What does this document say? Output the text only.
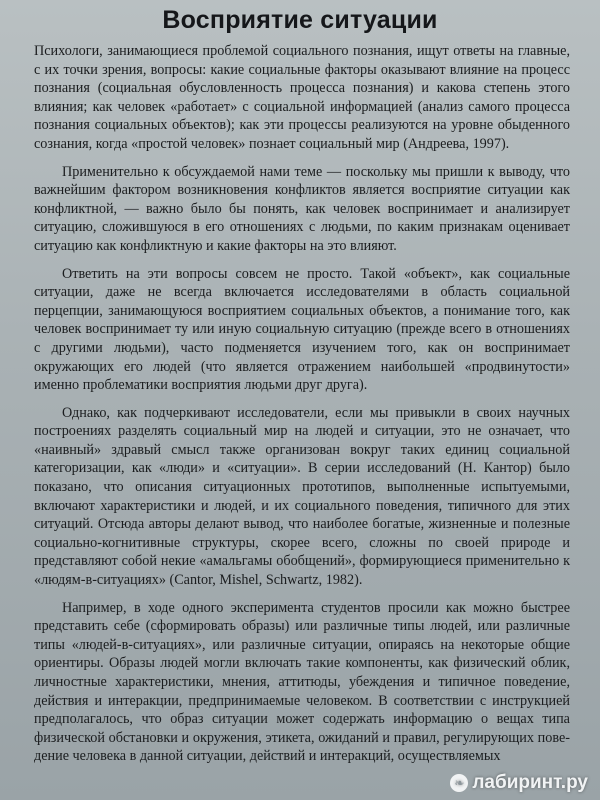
Восприятие ситуации

Психологи, занимающиеся проблемой социального познания, ищут ответы на главные, с их точки зрения, вопросы: какие социальные факторы оказывают влияние на процесс познания (социальная обусловленность процесса познания) и какова степень этого влияния; как человек «работает» с социальной информацией (анализ самого процесса познания социальных объектов); как эти процессы реализуются на уровне обыденного сознания, когда «простой человек» познает социальный мир (Андреева, 1997).

Применительно к обсуждаемой нами теме — поскольку мы пришли к выводу, что важнейшим фактором возникновения конфликтов является восприятие ситуации как конфликтной, — важно было бы понять, как человек воспринимает и анализирует ситуацию, сложившуюся в его отношениях с людьми, по каким признакам оценивает ситуацию как конфликтную и какие факторы на это влияют.

Ответить на эти вопросы совсем не просто. Такой «объект», как социальные ситуации, даже не всегда включается исследователями в область социальной перцепции, занимающуюся восприятием социальных объектов, а понимание того, как человек воспринимает ту или иную социальную ситуацию (прежде всего в отношениях с другими людьми), часто подменяется изучением того, как он воспринимает окружающих его людей (что является отражением наибольшей «продвинутости» именно проблематики восприятия людьми друг друга).

Однако, как подчеркивают исследователи, если мы привыкли в своих научных построениях разделять социальный мир на людей и ситуации, это не означает, что «наивный» здравый смысл также организован вокруг таких единиц социальной категоризации, как «люди» и «ситуации». В серии исслeдований (Н. Кантор) было показано, что описания ситуационных прототипов, выполненные испытуемыми, включают характеристики и людей, и их социального поведения, типичного для этих ситуаций. Отсюда авторы делают вывод, что наиболее богатые, жизненные и полезные социально-когнитивные структуры, скорее всего, сложны по своей природе и представляют собой некие «амальгамы обобщений», формирующиеся применительно к «людям-в-ситуациях» (Cantor, Mishel, Schwartz, 1982).

Например, в ходе одного эксперимента студентов просили как можно быстрее представить себе (сформировать образы) или различные типы людей, или различные типы «людей-в-ситуациях», или различные ситуации, опираясь на некоторые общие ориентиры. Образы людей могли включать такие компоненты, как физический облик, личностные характеристики, мнения, аттитюды, убеждения и типичное поведение, действия и интеракции, предпринимаемые человеком. В соответствии с инструкцией предполагалось, что образ ситуации может содержать информацию о вещах типа физической обстановки и окружения, этикета, ожиданий и правил, регулирующих поведение человека в данной ситуации, действий и интеракций, осуществляемых

❧ лабиринт.ру
